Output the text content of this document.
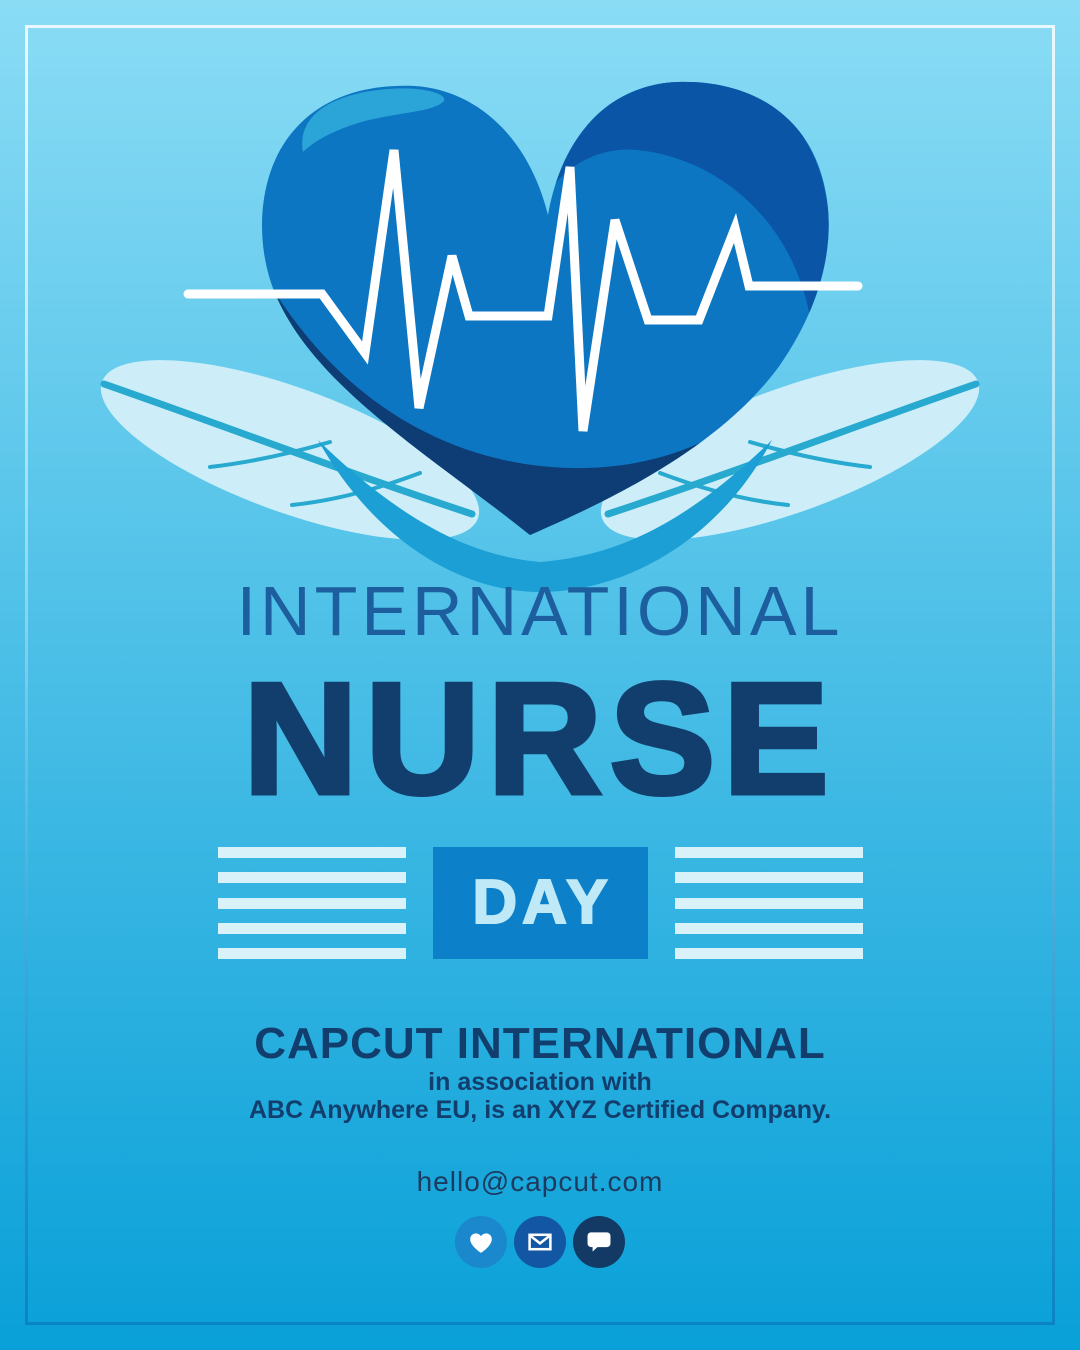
INTERNATIONAL
NURSE
DAY
CAPCUT INTERNATIONAL
in association with
ABC Anywhere EU, is an XYZ Certified Company.
hello@capcut.com
